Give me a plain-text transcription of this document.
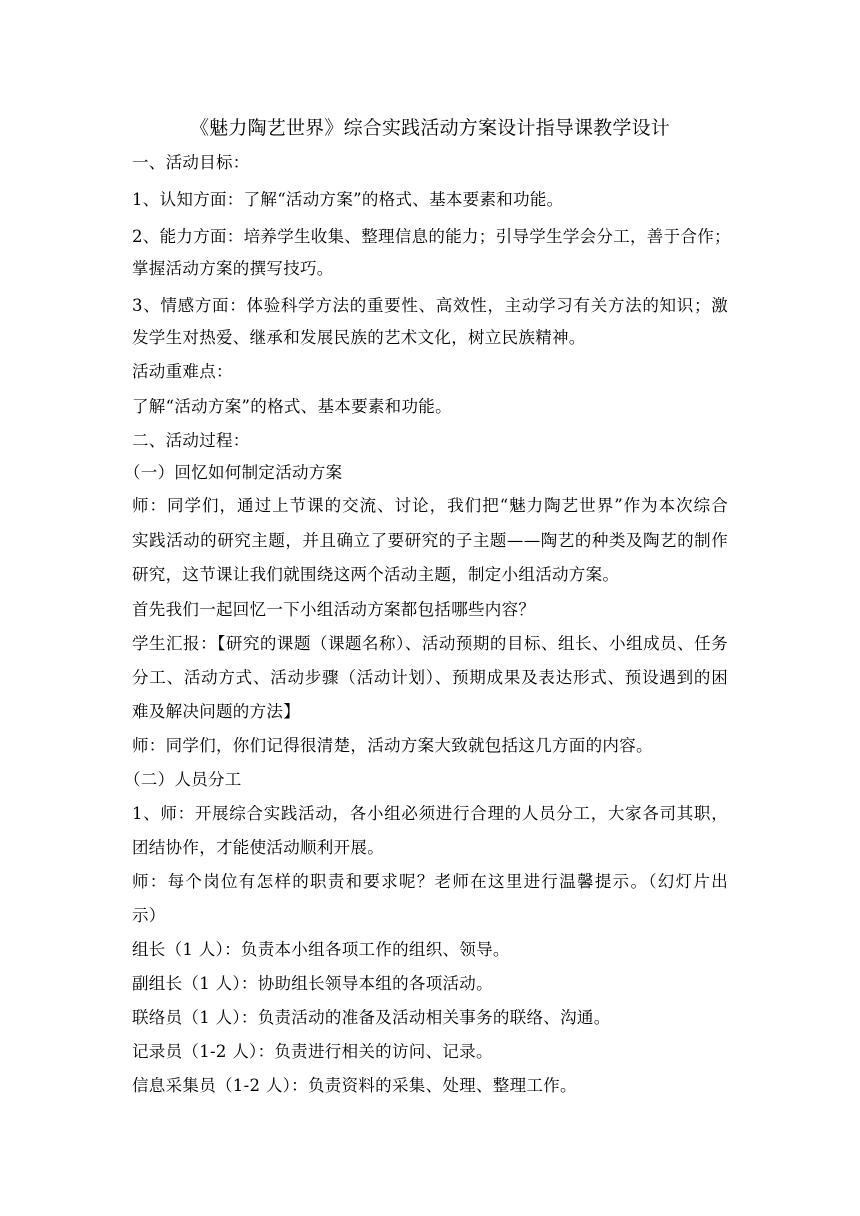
《魅力陶艺世界》综合实践活动方案设计指导课教学设计
一、活动目标：
1、认知方面：了解“活动方案”的格式、基本要素和功能。
2、能力方面：培养学生收集、整理信息的能力；引导学生学会分工，善于合作；
掌握活动方案的撰写技巧。
3、情感方面：体验科学方法的重要性、高效性，主动学习有关方法的知识；激
发学生对热爱、继承和发展民族的艺术文化，树立民族精神。
活动重难点：
了解“活动方案”的格式、基本要素和功能。
二、活动过程：
（一）回忆如何制定活动方案
师：同学们，通过上节课的交流、讨论，我们把“魅力陶艺世界”作为本次综合
实践活动的研究主题，并且确立了要研究的子主题——陶艺的种类及陶艺的制作
研究，这节课让我们就围绕这两个活动主题，制定小组活动方案。
首先我们一起回忆一下小组活动方案都包括哪些内容？
学生汇报：【研究的课题（课题名称）、活动预期的目标、组长、小组成员、任务
分工、活动方式、活动步骤（活动计划）、预期成果及表达形式、预设遇到的困
难及解决问题的方法】
师：同学们，你们记得很清楚，活动方案大致就包括这几方面的内容。
（二）人员分工
1、师：开展综合实践活动，各小组必须进行合理的人员分工，大家各司其职，
团结协作，才能使活动顺利开展。
师：每个岗位有怎样的职责和要求呢？老师在这里进行温馨提示。（幻灯片出
示）
组长（1 人）：负责本小组各项工作的组织、领导。
副组长（1 人）：协助组长领导本组的各项活动。
联络员（1 人）：负责活动的准备及活动相关事务的联络、沟通。
记录员（1-2 人）：负责进行相关的访问、记录。
信息采集员（1-2 人）：负责资料的采集、处理、整理工作。
